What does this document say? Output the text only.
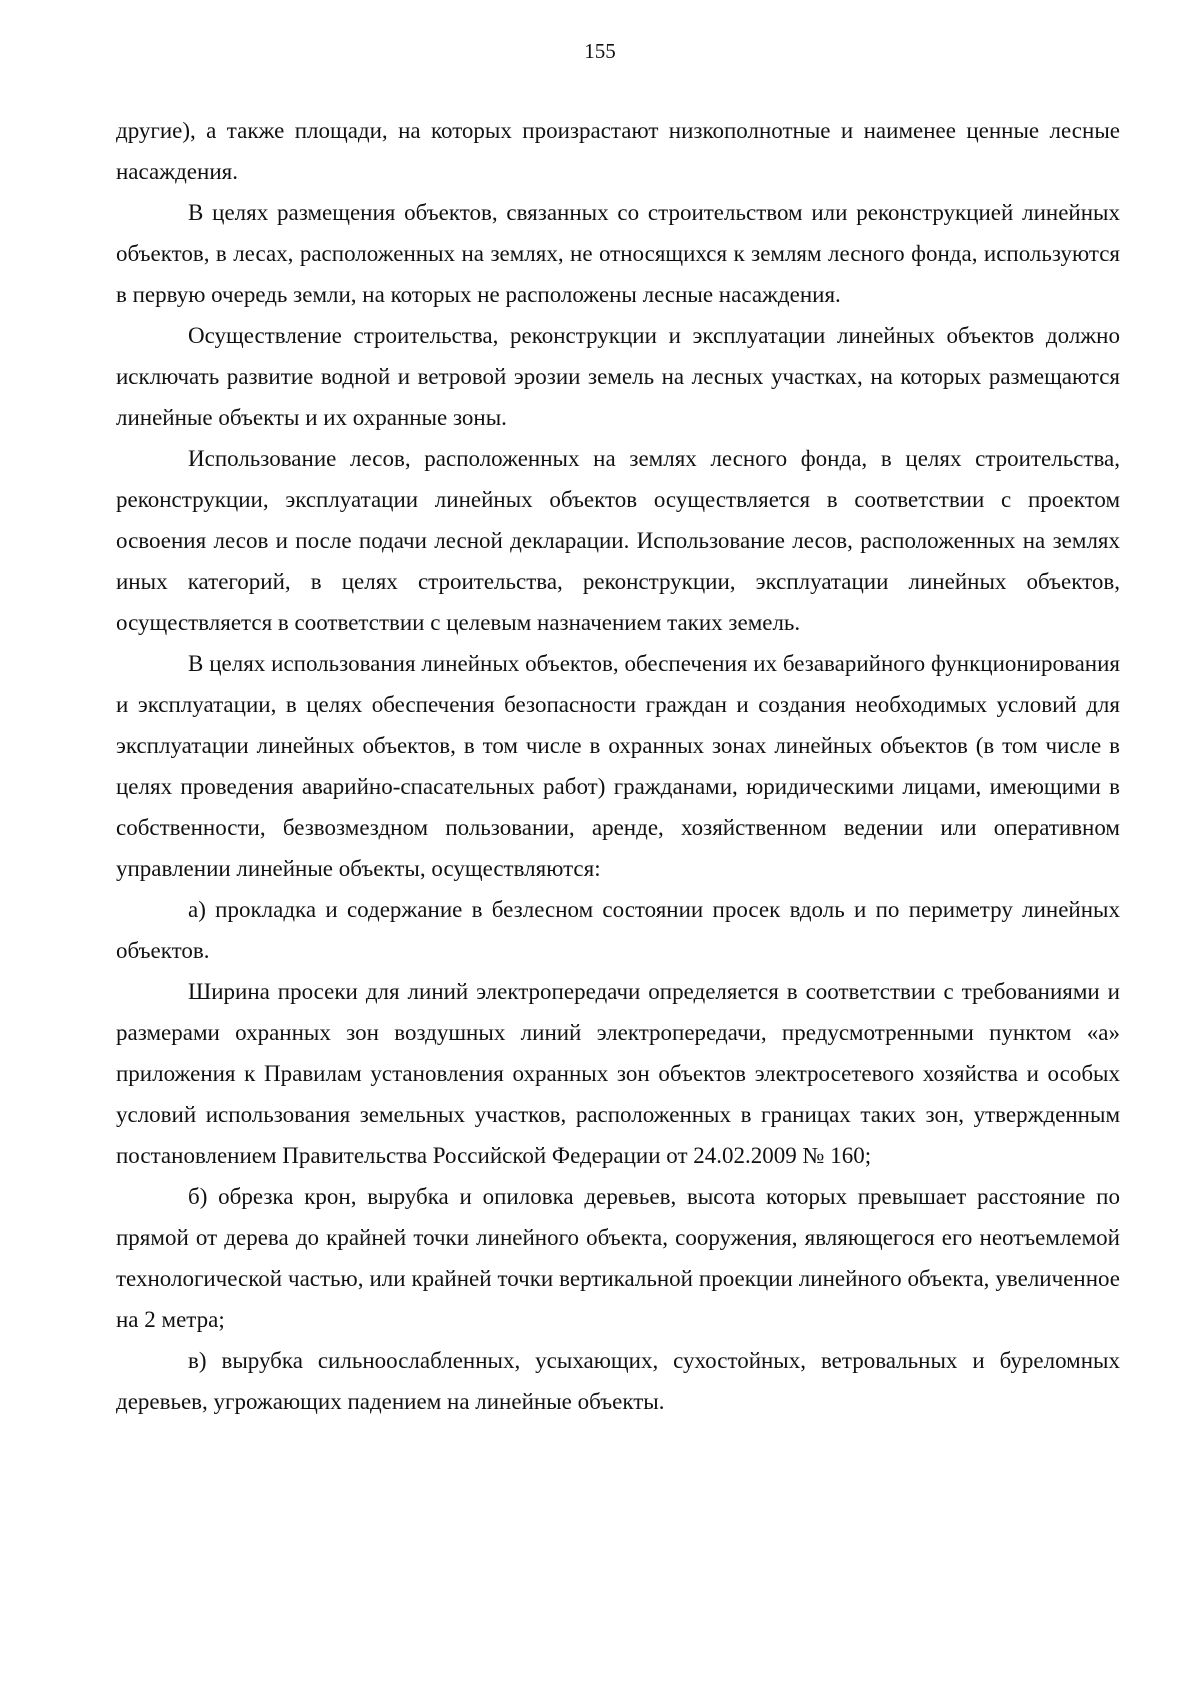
155

другие), а также площади, на которых произрастают низкополнотные и наименее ценные лесные насаждения.

В целях размещения объектов, связанных со строительством или реконструкцией линейных объектов, в лесах, расположенных на землях, не относящихся к землям лесного фонда, используются в первую очередь земли, на которых не расположены лесные насаждения.

Осуществление строительства, реконструкции и эксплуатации линейных объектов должно исключать развитие водной и ветровой эрозии земель на лесных участках, на которых размещаются линейные объекты и их охранные зоны.

Использование лесов, расположенных на землях лесного фонда, в целях строительства, реконструкции, эксплуатации линейных объектов осуществляется в соответствии с проектом освоения лесов и после подачи лесной декларации. Использование лесов, расположенных на землях иных категорий, в целях строительства, реконструкции, эксплуатации линейных объектов, осуществляется в соответствии с целевым назначением таких земель.

В целях использования линейных объектов, обеспечения их безаварийного функционирования и эксплуатации, в целях обеспечения безопасности граждан и создания необходимых условий для эксплуатации линейных объектов, в том числе в охранных зонах линейных объектов (в том числе в целях проведения аварийно-спасательных работ) гражданами, юридическими лицами, имеющими в собственности, безвозмездном пользовании, аренде, хозяйственном ведении или оперативном управлении линейные объекты, осуществляются:

а) прокладка и содержание в безлесном состоянии просек вдоль и по периметру линейных объектов.

Ширина просеки для линий электропередачи определяется в соответствии с требованиями и размерами охранных зон воздушных линий электропередачи, предусмотренными пунктом «а» приложения к Правилам установления охранных зон объектов электросетевого хозяйства и особых условий использования земельных участков, расположенных в границах таких зон, утвержденным постановлением Правительства Российской Федерации от 24.02.2009 № 160;

б) обрезка крон, вырубка и опиловка деревьев, высота которых превышает расстояние по прямой от дерева до крайней точки линейного объекта, сооружения, являющегося его неотъемлемой технологической частью, или крайней точки вертикальной проекции линейного объекта, увеличенное на 2 метра;

в) вырубка сильноослабленных, усыхающих, сухостойных, ветровальных и буреломных деревьев, угрожающих падением на линейные объекты.
